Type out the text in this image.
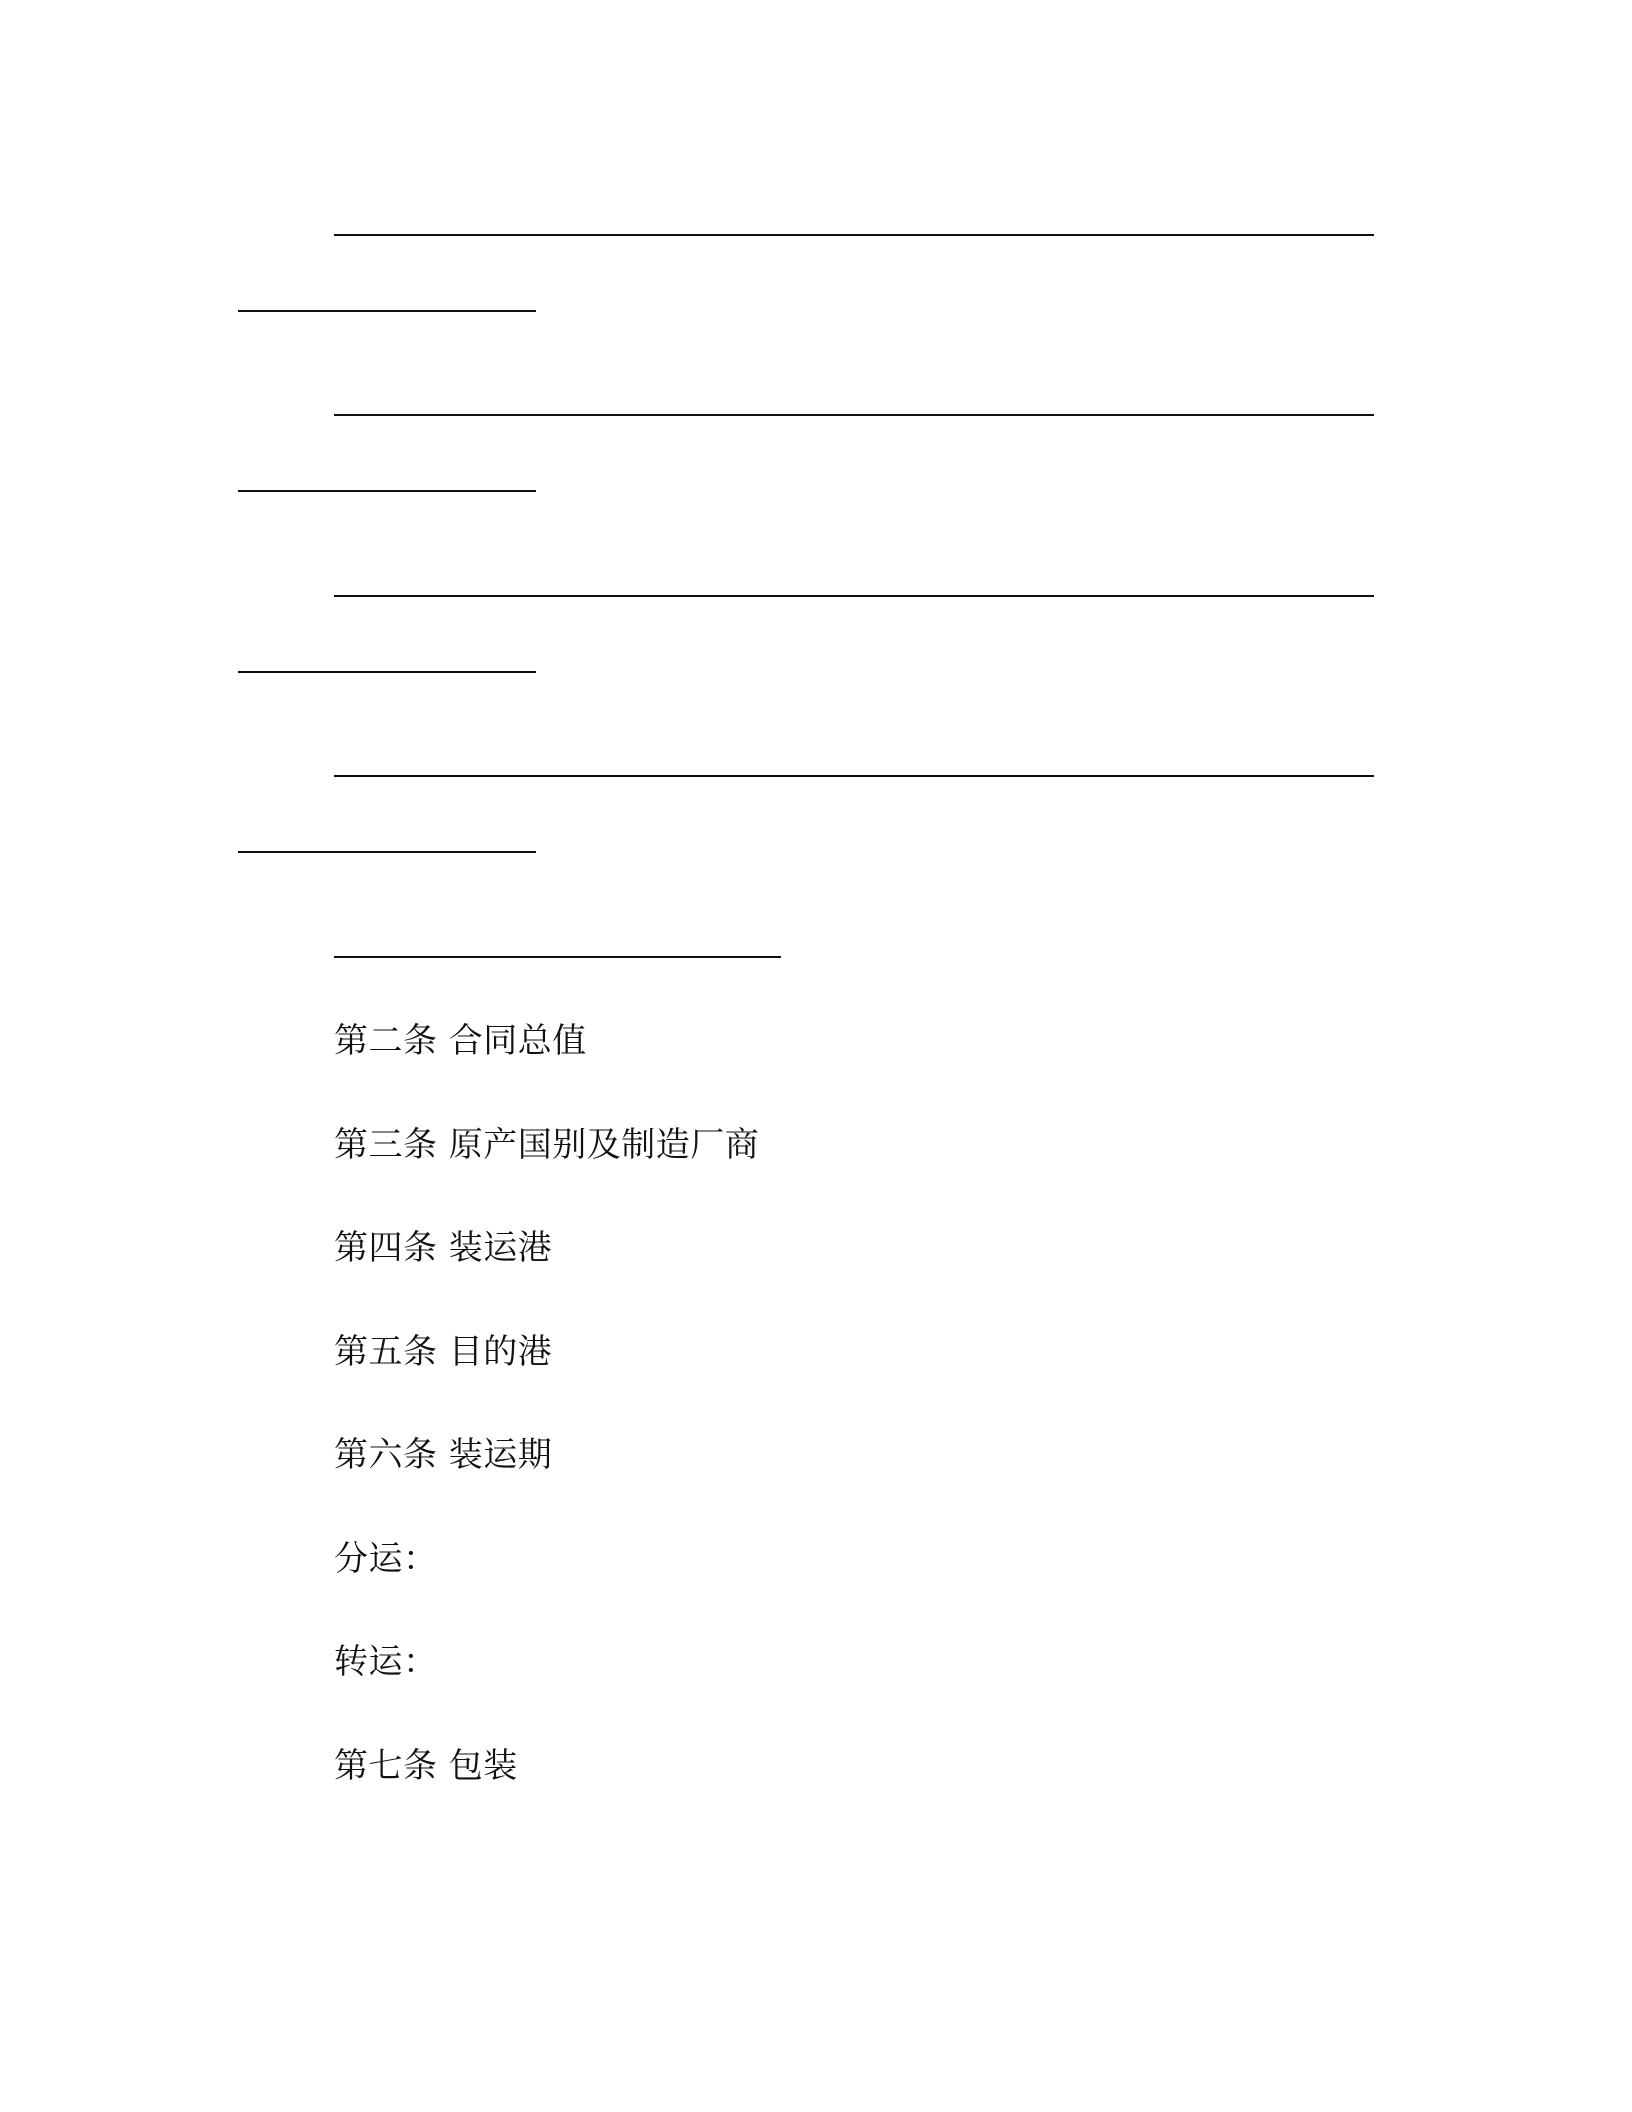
第二条 合同总值
第三条 原产国别及制造厂商
第四条 装运港
第五条 目的港
第六条 装运期
分运：
转运：
第七条 包装
